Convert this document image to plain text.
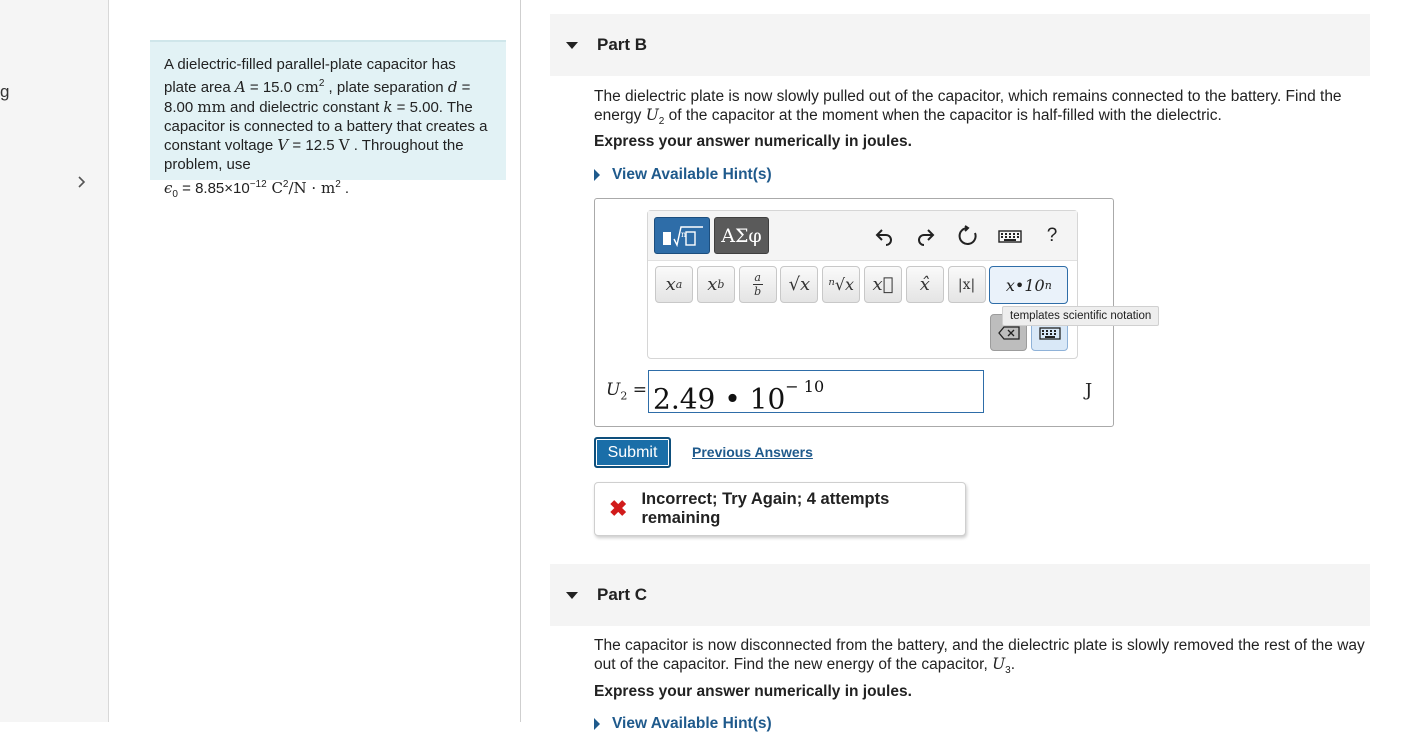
g
A dielectric-filled parallel-plate capacitor has plate area A = 15.0 $cm^2$ , plate separation d = 8.00 mm and dielectric constant k = 5.00. The capacitor is connected to a battery that creates a constant voltage V = 12.5 V . Throughout the problem, use
$\epsilon_0 = 8.85\times 10^{-12}$ $C^2/N \cdot m^2$ .
Part B
The dielectric plate is now slowly pulled out of the capacitor, which remains connected to the battery. Find the energy $U_2$ of the capacitor at the moment when the capacitor is half-filled with the dielectric.
Express your answer numerically in joules.
View Available Hint(s)
n	ΑΣφ	?
x a x b
a
b	√x	ⁿ√x	x⃗	x̂	|x|	x•10 n
templates scientific notation
$U_2 = 2.49$ • $10^{- 10}$	J
Submit	Previous Answers
✖ Incorrect; Try Again; 4 attempts remaining
Part C
The capacitor is now disconnected from the battery, and the dielectric plate is slowly removed the rest of the way out of the capacitor. Find the new energy of the capacitor, $U_3$.
Express your answer numerically in joules.
View Available Hint(s)
